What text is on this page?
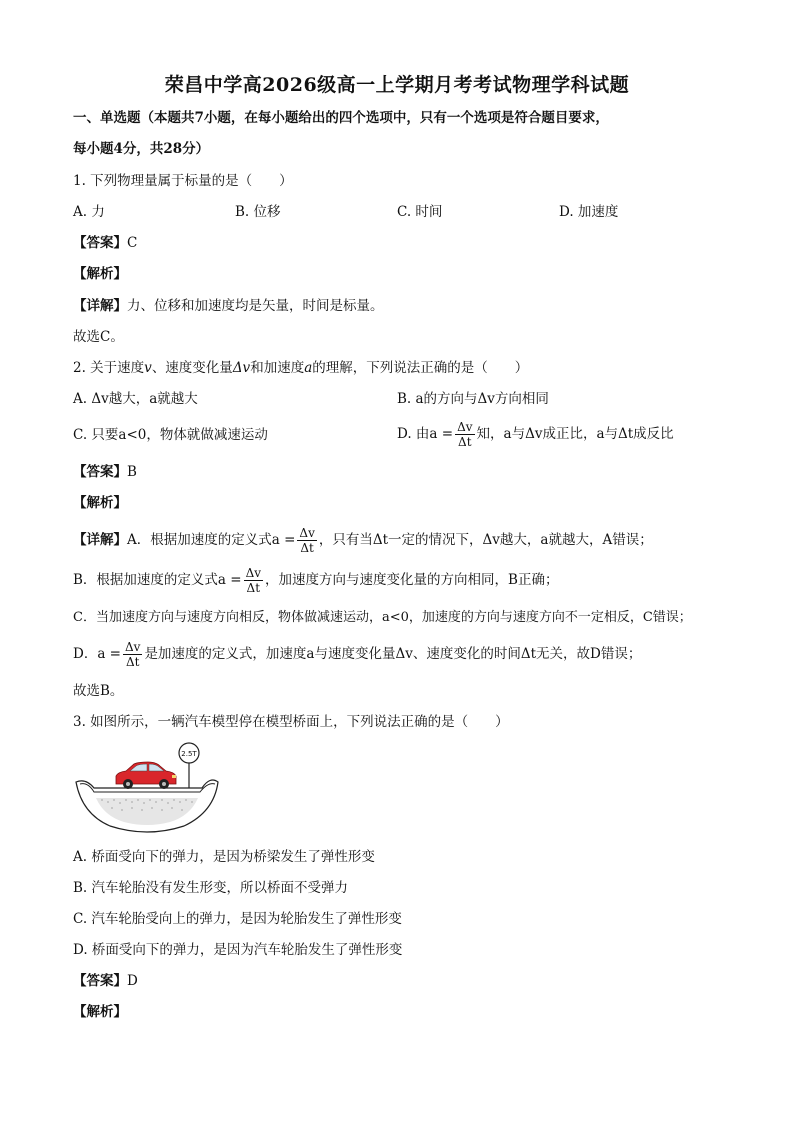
荣昌中学高2026级高一上学期月考考试物理学科试题
一、单选题（本题共7小题，在每小题给出的四个选项中，只有一个选项是符合题目要求，
每小题4分，共28分）
1. 下列物理量属于标量的是（　　）
A. 力	B. 位移	C. 时间	D. 加速度
【答案】C
【解析】
【详解】力、位移和加速度均是矢量，时间是标量。
故选C。
2. 关于速度v、速度变化量Δv和加速度a的理解，下列说法正确的是（　　）
A. Δv越大，a就越大	B. a的方向与Δv方向相同
C. 只要a<0，物体就做减速运动	D. 由$a = \frac{\Delta v}{\Delta t}$ 知，a与Δv成正比，a与Δt成反比
【答案】B
【解析】
【详解】A．根据加速度的定义式$a = \frac{\Delta v}{\Delta t}$ ，只有当Δt一定的情况下，Δv越大，a就越大，A错误；
B．根据加速度的定义式$a = \frac{\Delta v}{\Delta t}$ ，加速度方向与速度变化量的方向相同，B正确；
C．当加速度方向与速度方向相反，物体做减速运动，a<0，加速度的方向与速度方向不一定相反，C错误；
D．$a = \frac{\Delta v}{\Delta t}$ 是加速度的定义式，加速度a与速度变化量Δv、速度变化的时间Δt无关，故D错误；
故选B。
3. 如图所示，一辆汽车模型停在模型桥面上，下列说法正确的是（　　）
2.5T
A. 桥面受向下的弹力，是因为桥梁发生了弹性形变
B. 汽车轮胎没有发生形变，所以桥面不受弹力
C. 汽车轮胎受向上的弹力，是因为轮胎发生了弹性形变
D. 桥面受向下的弹力，是因为汽车轮胎发生了弹性形变
【答案】D
【解析】
